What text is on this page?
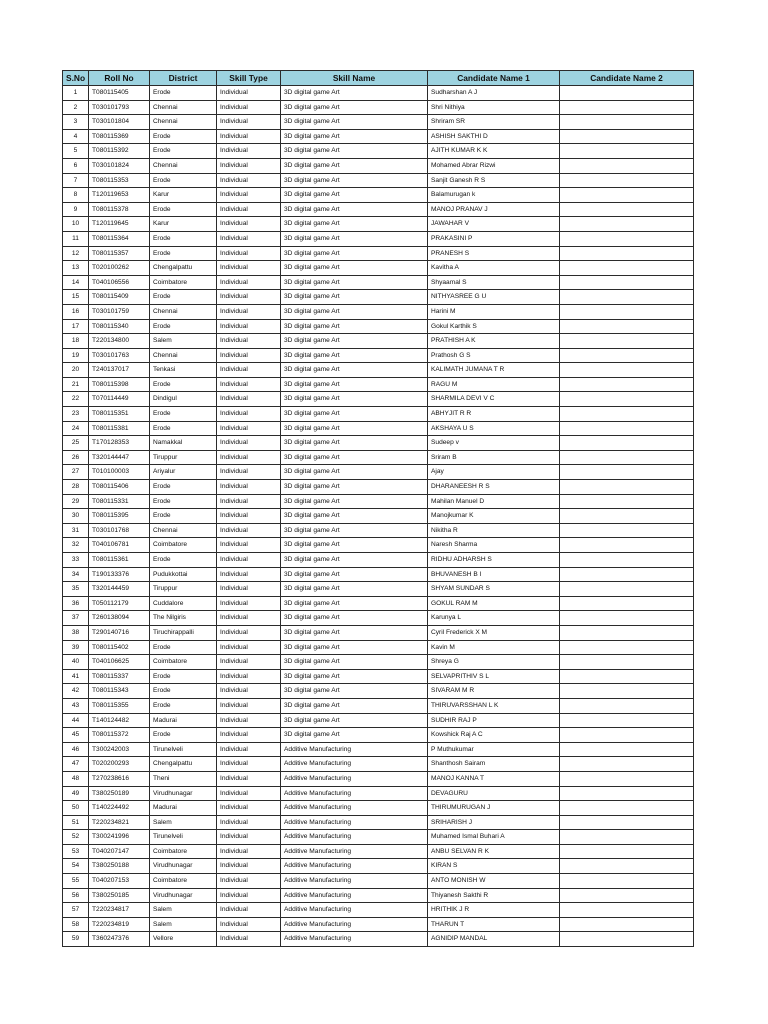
S.No	Roll No	District	Skill Type	Skill Name	Candidate Name 1	Candidate Name 2
1	T080115405	Erode	Individual	3D digital game Art	Sudharshan A J	
2	T030101793	Chennai	Individual	3D digital game Art	Shri Nithiya	
3	T030101804	Chennai	Individual	3D digital game Art	Shriram SR	
4	T080115369	Erode	Individual	3D digital game Art	ASHISH SAKTHI D	
5	T080115392	Erode	Individual	3D digital game Art	AJITH KUMAR K K	
6	T030101824	Chennai	Individual	3D digital game Art	Mohamed Abrar Rizwi	
7	T080115353	Erode	Individual	3D digital game Art	Sanjit Ganesh R S	
8	T120119653	Karur	Individual	3D digital game Art	Balamurugan k	
9	T080115378	Erode	Individual	3D digital game Art	MANOJ PRANAV J	
10	T120119645	Karur	Individual	3D digital game Art	JAWAHAR V	
11	T080115364	Erode	Individual	3D digital game Art	PRAKASINI P	
12	T080115357	Erode	Individual	3D digital game Art	PRANESH S	
13	T020100262	Chengalpattu	Individual	3D digital game Art	Kavitha A	
14	T040106556	Coimbatore	Individual	3D digital game Art	Shyaamal S	
15	T080115409	Erode	Individual	3D digital game Art	NITHYASREE G U	
16	T030101759	Chennai	Individual	3D digital game Art	Harini M	
17	T080115340	Erode	Individual	3D digital game Art	Gokul Karthik S	
18	T220134800	Salem	Individual	3D digital game Art	PRATHISH A K	
19	T030101763	Chennai	Individual	3D digital game Art	Prathosh G S	
20	T240137017	Tenkasi	Individual	3D digital game Art	KALIMATH JUMANA T R	
21	T080115398	Erode	Individual	3D digital game Art	RAGU M	
22	T070114449	Dindigul	Individual	3D digital game Art	SHARMILA DEVI V C	
23	T080115351	Erode	Individual	3D digital game Art	ABHYJIT R R	
24	T080115381	Erode	Individual	3D digital game Art	AKSHAYA U S	
25	T170128353	Namakkal	Individual	3D digital game Art	Sudeep v	
26	T320144447	Tiruppur	Individual	3D digital game Art	Sriram B	
27	T010100003	Ariyalur	Individual	3D digital game Art	Ajay	
28	T080115406	Erode	Individual	3D digital game Art	DHARANEESH R S	
29	T080115331	Erode	Individual	3D digital game Art	Mahilan Manuel D	
30	T080115395	Erode	Individual	3D digital game Art	Manojkumar K	
31	T030101768	Chennai	Individual	3D digital game Art	Nikitha R	
32	T040106781	Coimbatore	Individual	3D digital game Art	Naresh Sharma	
33	T080115361	Erode	Individual	3D digital game Art	RIDHU ADHARSH S	
34	T190133376	Pudukkottai	Individual	3D digital game Art	BHUVANESH B I	
35	T320144459	Tiruppur	Individual	3D digital game Art	SHYAM SUNDAR S	
36	T050112179	Cuddalore	Individual	3D digital game Art	GOKUL RAM M	
37	T260138094	The Nilgiris	Individual	3D digital game Art	Karunya L	
38	T290140716	Tiruchirappalli	Individual	3D digital game Art	Cyril Frederick X M	
39	T080115402	Erode	Individual	3D digital game Art	Kavin M	
40	T040106625	Coimbatore	Individual	3D digital game Art	Shreya G	
41	T080115337	Erode	Individual	3D digital game Art	SELVAPRITHIV S L	
42	T080115343	Erode	Individual	3D digital game Art	SIVARAM M R	
43	T080115355	Erode	Individual	3D digital game Art	THIRUVARSSHAN L K	
44	T140124482	Madurai	Individual	3D digital game Art	SUDHIR RAJ P	
45	T080115372	Erode	Individual	3D digital game Art	Kowshick Raj A C	
46	T300242003	Tirunelveli	Individual	Additive Manufacturing	P Muthukumar	
47	T020200293	Chengalpattu	Individual	Additive Manufacturing	Shanthosh Sairam	
48	T270238616	Theni	Individual	Additive Manufacturing	MANOJ KANNA T	
49	T380250189	Virudhunagar	Individual	Additive Manufacturing	DEVAGURU	
50	T140224492	Madurai	Individual	Additive Manufacturing	THIRUMURUGAN J	
51	T220234821	Salem	Individual	Additive Manufacturing	SRIHARISH J	
52	T300241996	Tirunelveli	Individual	Additive Manufacturing	Muhamed Ismal Buhari A	
53	T040207147	Coimbatore	Individual	Additive Manufacturing	ANBU SELVAN R K	
54	T380250188	Virudhunagar	Individual	Additive Manufacturing	KIRAN S	
55	T040207153	Coimbatore	Individual	Additive Manufacturing	ANTO MONISH W	
56	T380250185	Virudhunagar	Individual	Additive Manufacturing	Thiyanesh Sakthi R	
57	T220234817	Salem	Individual	Additive Manufacturing	HRITHIK J R	
58	T220234819	Salem	Individual	Additive Manufacturing	THARUN T	
59	T360247376	Vellore	Individual	Additive Manufacturing	AGNIDIP MANDAL	
